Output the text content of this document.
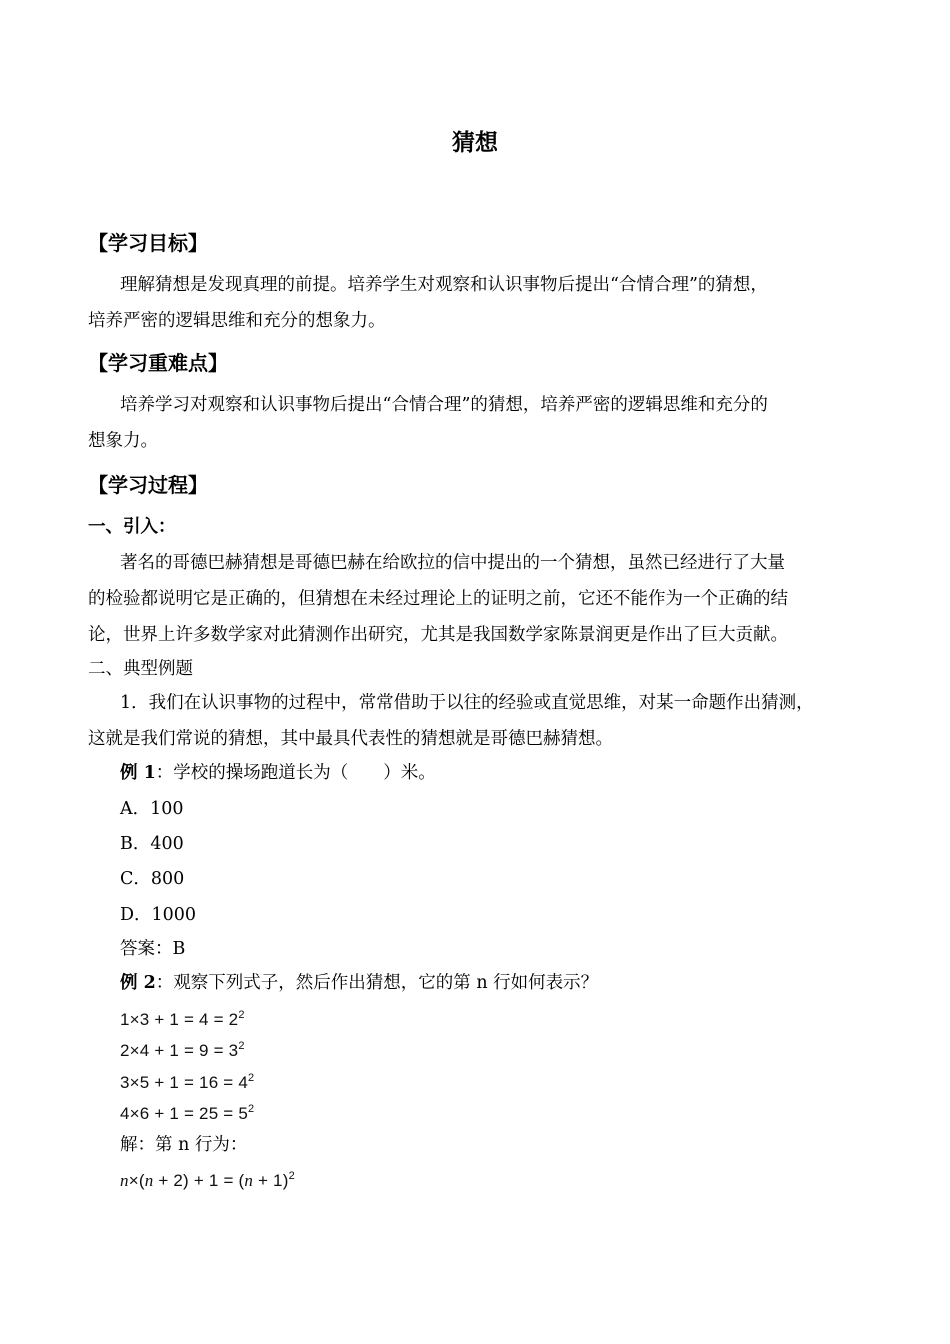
猜想
【学习目标】
理解猜想是发现真理的前提。培养学生对观察和认识事物后提出“合情合理”的猜想，
培养严密的逻辑思维和充分的想象力。
【学习重难点】
培养学习对观察和认识事物后提出“合情合理”的猜想，培养严密的逻辑思维和充分的
想象力。
【学习过程】
一、引入：
著名的哥德巴赫猜想是哥德巴赫在给欧拉的信中提出的一个猜想，虽然已经进行了大量
的检验都说明它是正确的，但猜想在未经过理论上的证明之前，它还不能作为一个正确的结
论，世界上许多数学家对此猜测作出研究，尤其是我国数学家陈景润更是作出了巨大贡献。
二、典型例题
1．我们在认识事物的过程中，常常借助于以往的经验或直觉思维，对某一命题作出猜测，
这就是我们常说的猜想，其中最具代表性的猜想就是哥德巴赫猜想。
例 1：学校的操场跑道长为（　　）米。
A．100
B．400
C．800
D．1000
答案：B
例 2：观察下列式子，然后作出猜想，它的第 n 行如何表示？
$1\times 3 + 1 = 4 = 2^2$
$2\times 4 + 1 = 9 = 3^2$
$3\times 5 + 1 = 16 = 4^2$
$4\times 6 + 1 = 25 = 5^2$
解：第 n 行为：
$n\times(n + 2) + 1 = (n + 1)^2$
